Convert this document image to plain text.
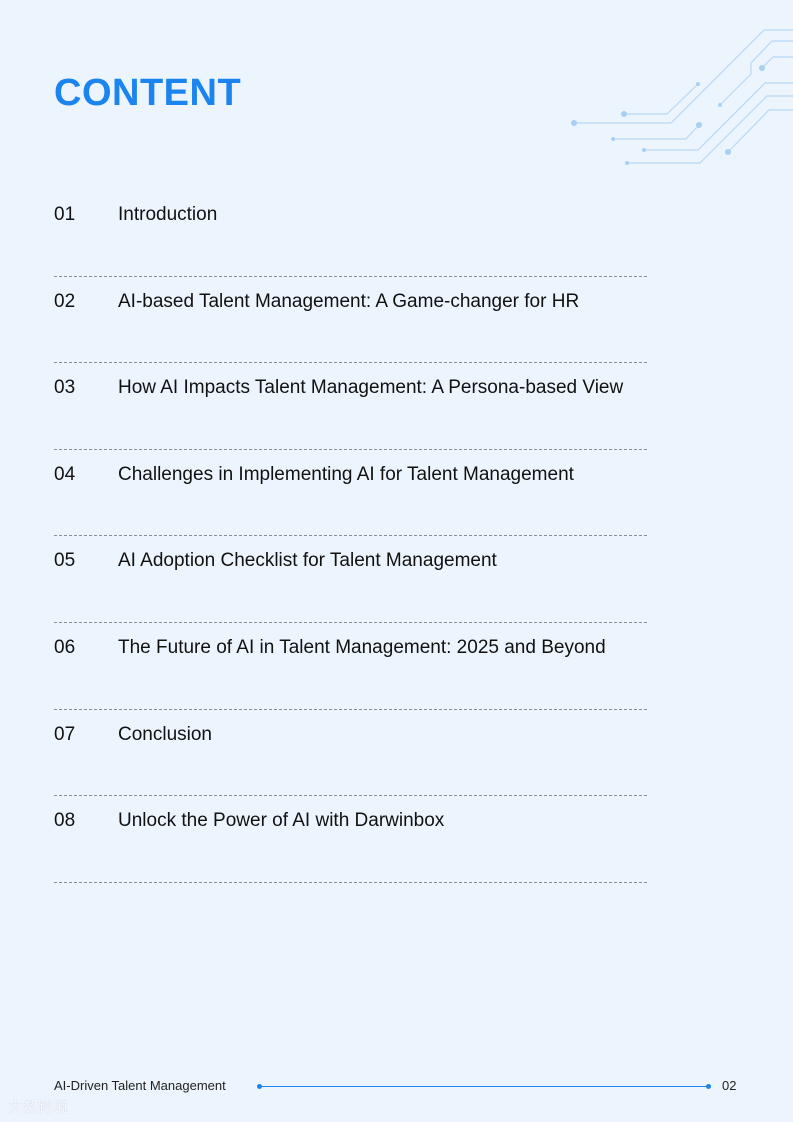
CONTENT
01 Introduction
02 AI-based Talent Management: A Game-changer for HR
03 How AI Impacts Talent Management: A Persona-based View
04 Challenges in Implementing AI for Talent Management
05 AI Adoption Checklist for Talent Management
06 The Future of AI in Talent Management: 2025 and Beyond
07 Conclusion
08 Unlock the Power of AI with Darwinbox
AI-Driven Talent Management	02
大数跨境
